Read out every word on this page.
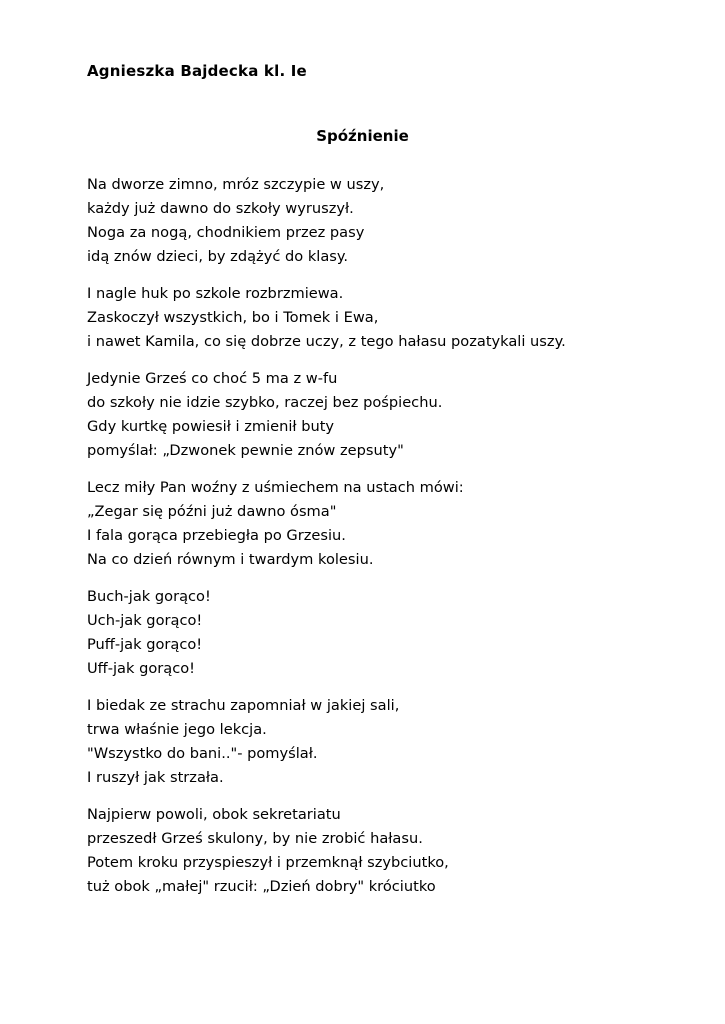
Agnieszka Bajdecka kl. Ie
Spóźnienie
Na dworze zimno, mróz szczypie w uszy,
każdy już dawno do szkoły wyruszył.
Noga za nogą, chodnikiem przez pasy
idą znów dzieci, by zdążyć do klasy.
I nagle huk po szkole rozbrzmiewa.
Zaskoczył wszystkich, bo i Tomek i Ewa,
i nawet Kamila, co się dobrze uczy, z tego hałasu pozatykali uszy.
Jedynie Grześ co choć 5 ma z w-fu
do szkoły nie idzie szybko, raczej bez pośpiechu.
Gdy kurtkę powiesił i zmienił buty
pomyślał: „Dzwonek pewnie znów zepsuty"
Lecz miły Pan woźny z uśmiechem na ustach mówi:
„Zegar się późni już dawno ósma"
I fala gorąca przebiegła po Grzesiu.
Na co dzień równym i twardym kolesiu.
Buch-jak gorąco!
Uch-jak gorąco!
Puff-jak gorąco!
Uff-jak gorąco!
I biedak ze strachu zapomniał w jakiej sali,
trwa właśnie jego lekcja.
"Wszystko do bani.."- pomyślał.
I ruszył jak strzała.
Najpierw powoli, obok sekretariatu
przeszedł Grześ skulony, by nie zrobić hałasu.
Potem kroku przyspieszył i przemknął szybciutko,
tuż obok „małej" rzucił: „Dzień dobry" króciutko
